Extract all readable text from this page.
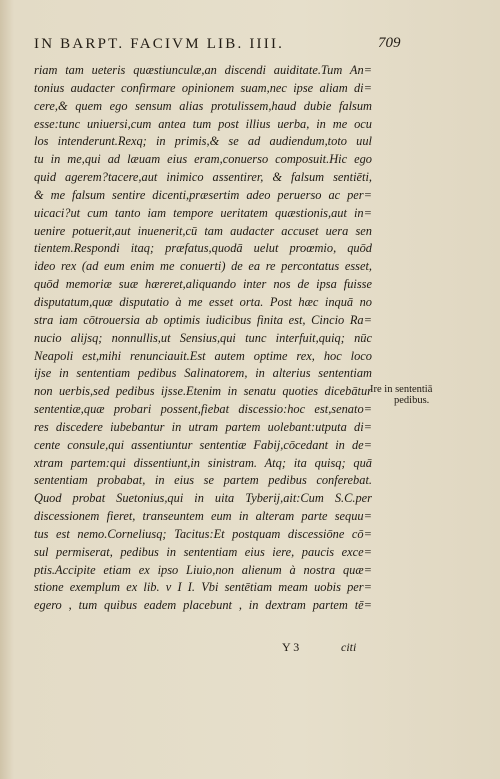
IN BARPT. FACIVM LIB. IIII.	709
riam tam ueteris quæstiunculæ,an discendi auiditate.Tum An=
tonius audacter confirmare opinionem suam,nec ipse aliam di=
cere,& quem ego sensum alias protulissem,haud dubie falsum
esse:tunc uniuersi,cum antea tum post illius uerba, in me ocu
los intenderunt.Rexq; in primis,& se ad audiendum,toto uul
tu in me,qui ad læuam eius eram,conuerso composuit.Hic ego
quid agerem?tacere,aut inimico assentirer, & falsum sentiēti,
& me falsum sentire dicenti,præsertim adeo peruerso ac per=
uicaci?ut cum tanto iam tempore ueritatem quæstionis,aut in=
uenire potuerit,aut inuenerit,cū tam audacter accuset uera sen
tientem.Respondi itaq; præfatus,quodā uelut proœmio, quōd
ideo rex (ad eum enim me conuerti) de ea re percontatus esset,
quōd memoriæ suæ hæreret,aliquando inter nos de ipsa fuisse
disputatum,quæ disputatio à me esset orta. Post hæc inquā no
stra iam cōtrouersia ab optimis iudicibus finita est, Cincio Ra=
nucio alijsq; nonnullis,ut Sensius,qui tunc interfuit,quiq; nūc
Neapoli est,mihi renunciauit.Est autem optime rex, hoc loco
ijse in sententiam pedibus Salinatorem, in alterius sententiam
non uerbis,sed pedibus ijsse.Etenim in senatu quoties dicebātur
sententiæ,quæ probari possent,fiebat discessio:hoc est,senato=
res discedere iubebantur in utram partem uolebant:utputa di=
cente consule,qui assentiuntur sententiæ Fabij,cōcedant in de=
xtram partem:qui dissentiunt,in sinistram. Atq; ita quisq; quā
sententiam probabat, in eius se partem pedibus conferebat.
Quod probat Suetonius,qui in uita Tyberij,ait:Cum S.C.per
discessionem fieret, transeuntem eum in alteram parte sequu=
tus est nemo.Corneliusq; Tacitus:Et postquam discessiōne cō=
sul permiserat, pedibus in sententiam eius iere, paucis exce=
ptis.Accipite etiam ex ipso Liuio,non alienum à nostra quæ=
stione exemplum ex lib. v I I. Vbi sentētiam meam uobis per=
egero , tum quibus eadem placebunt , in dextram partem tē=
Ire in sententiā
pedibus.
Y 3	citi
